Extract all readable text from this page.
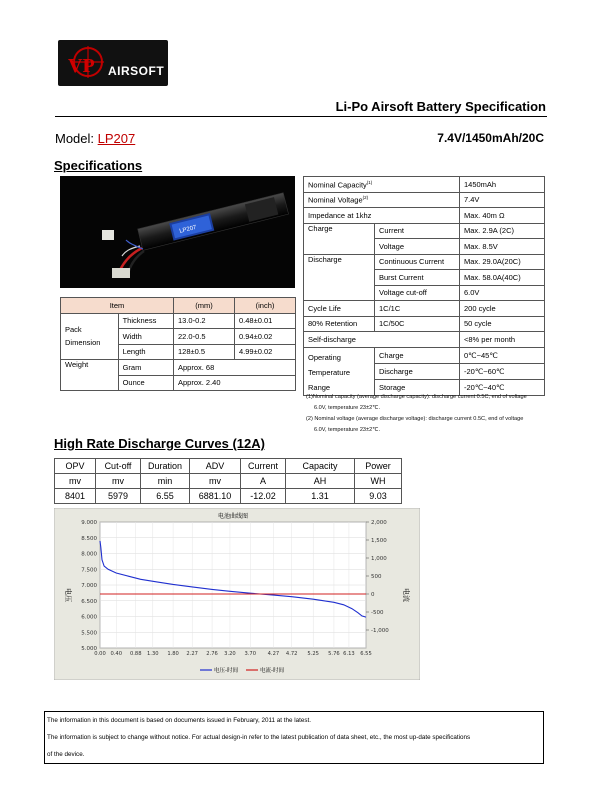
VP AIRSOFT
Li-Po Airsoft Battery Specification
Model: LP207	7.4V/1450mAh/20C
Specifications
LP207
Item		(mm)	(inch)
Pack
Dimension	Thickness	13.0-0.2	0.48±0.01
	Width	22.0-0.5	0.94±0.02
	Length	128±0.5	4.99±0.02
Weight	Gram	Approx. 68	
	Ounce	Approx. 2.40	
Nominal Capacity$^{(1)}$		1450mAh
Nominal Voltage$^{(2)}$		7.4V
Impedance at 1khz		Max. 40m Ω
Charge	Current	Max. 2.9A (2C)
	Voltage	Max. 8.5V
Discharge	Continuous Current	Max. 29.0A(20C)
	Burst Current	Max. 58.0A(40C)
	Voltage cut-off	6.0V
Cycle Life	1C/1C	200 cycle
80% Retention	1C/50C	50 cycle
Self-discharge		<8% per month

Operating
Temperature
Range	Charge	0℃~45℃
	Discharge	-20℃~60℃
	Storage	-20℃~40℃

(1)Nominal capacity (average discharge capacity): discharge current 0.5C, end of voltage

6.0V, temperature 23±2℃.

(2) Nominal voltage (average discharge voltage): discharge current 0.5C, end of voltage

6.0V, temperature 23±2℃.

High Rate Discharge Curves (12A)
OPV	Cut-off	Duration	ADV	Current	Capacity	Power
mv	mv	min	mv	A	AH	WH
8401	5979	6.55	6881.10	-12.02	1.31	9.03
电池曲线图
9.000
8.500
8.000
7.500
7.000
6.500
6.000
5.500
5.000
2,000
1,500
1,000
500
0
-500
-1,000
0.00 0.40 0.88 1.30 1.80 2.27 2.76 3.20 3.70 4.27 4.72 5.25 5.76 6.13 6.55
电压	电流
电压-时间	电流-时间

The information in this document is based on documents issued in February, 2011 at the latest.

The information is subject to change without notice. For actual design-in refer to the latest publication of data sheet, etc., the most up-date specifications

of the device.
